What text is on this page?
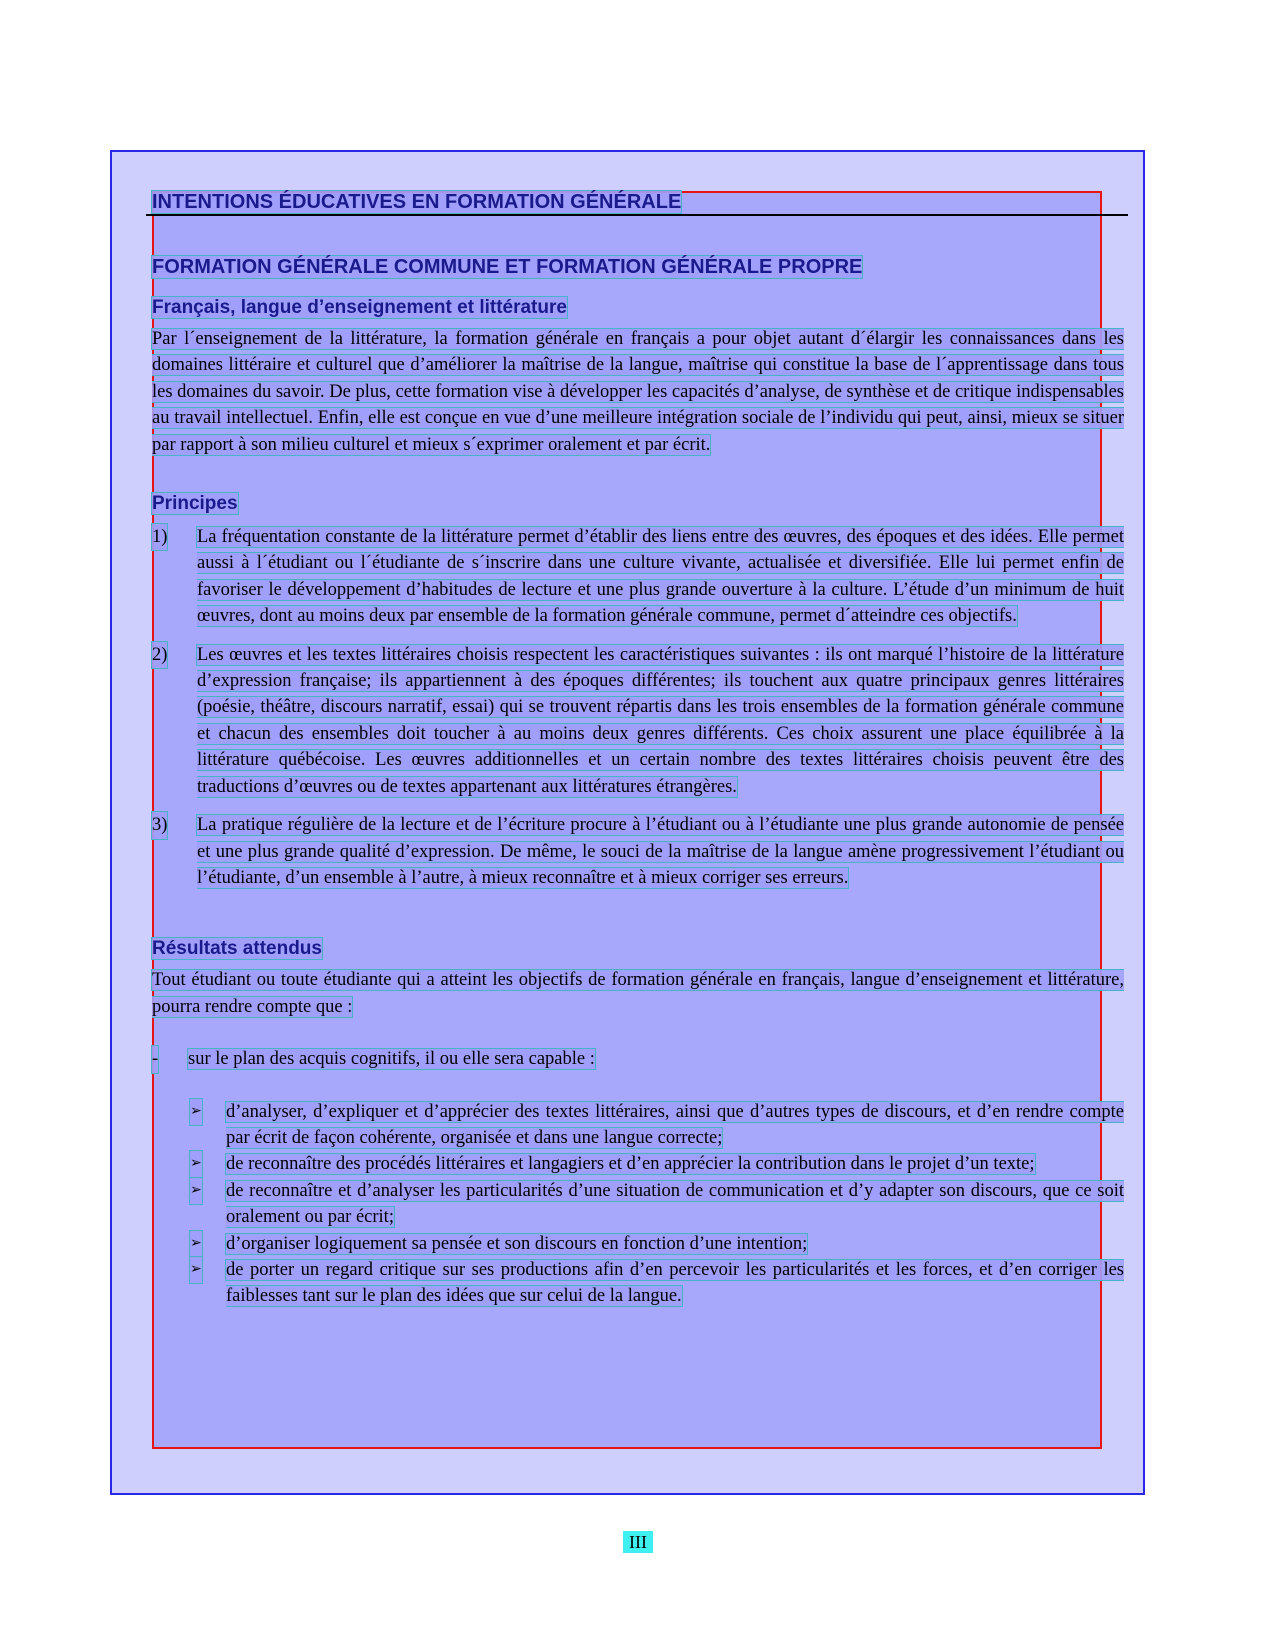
INTENTIONS ÉDUCATIVES EN FORMATION GÉNÉRALE
FORMATION GÉNÉRALE COMMUNE ET FORMATION GÉNÉRALE PROPRE
Français, langue d’enseignement et littérature

Par l´enseignement de la littérature, la formation générale en français a pour objet autant d´élargir les connaissances dans les domaines littéraire et culturel que d’améliorer la maîtrise de la langue, maîtrise qui constitue la base de l´apprentissage dans tous les domaines du savoir. De plus, cette formation vise à développer les capacités d’analyse, de synthèse et de critique indispensables au travail intellectuel. Enfin, elle est conçue en vue d’une meilleure intégration sociale de l’individu qui peut, ainsi, mieux se situer par rapport à son milieu culturel et mieux s´exprimer oralement et par écrit.

Principes
1) La fréquentation constante de la littérature permet d’établir des liens entre des œuvres, des époques et des idées. Elle permet aussi à l´étudiant ou l´étudiante de s´inscrire dans une culture vivante, actualisée et diversifiée. Elle lui permet enfin de favoriser le développement d’habitudes de lecture et une plus grande ouverture à la culture. L’étude d’un minimum de huit œuvres, dont au moins deux par ensemble de la formation générale commune, permet d´atteindre ces objectifs.

2) Les œuvres et les textes littéraires choisis respectent les caractéristiques suivantes : ils ont marqué l’histoire de la littérature d’expression française; ils appartiennent à des époques différentes; ils touchent aux quatre principaux genres littéraires (poésie, théâtre, discours narratif, essai) qui se trouvent répartis dans les trois ensembles de la formation générale commune et chacun des ensembles doit toucher à au moins deux genres différents. Ces choix assurent une place équilibrée à la littérature québécoise. Les œuvres additionnelles et un certain nombre des textes littéraires choisis peuvent être des traductions d’œuvres ou de textes appartenant aux littératures étrangères.

3) La pratique régulière de la lecture et de l’écriture procure à l’étudiant ou à l’étudiante une plus grande autonomie de pensée et une plus grande qualité d’expression. De même, le souci de la maîtrise de la langue amène progressivement l’étudiant ou l’étudiante, d’un ensemble à l’autre, à mieux reconnaître et à mieux corriger ses erreurs.

Résultats attendus

Tout étudiant ou toute étudiante qui a atteint les objectifs de formation générale en français, langue d’enseignement et littérature, pourra rendre compte que :

- sur le plan des acquis cognitifs, il ou elle sera capable :

➢ d’analyser, d’expliquer et d’apprécier des textes littéraires, ainsi que d’autres types de discours, et d’en rendre compte par écrit de façon cohérente, organisée et dans une langue correcte;

➢ de reconnaître des procédés littéraires et langagiers et d’en apprécier la contribution dans le projet d’un texte;

➢ de reconnaître et d’analyser les particularités d’une situation de communication et d’y adapter son discours, que ce soit oralement ou par écrit;

➢ d’organiser logiquement sa pensée et son discours en fonction d’une intention;

➢ de porter un regard critique sur ses productions afin d’en percevoir les particularités et les forces, et d’en corriger les faiblesses tant sur le plan des idées que sur celui de la langue.

III
